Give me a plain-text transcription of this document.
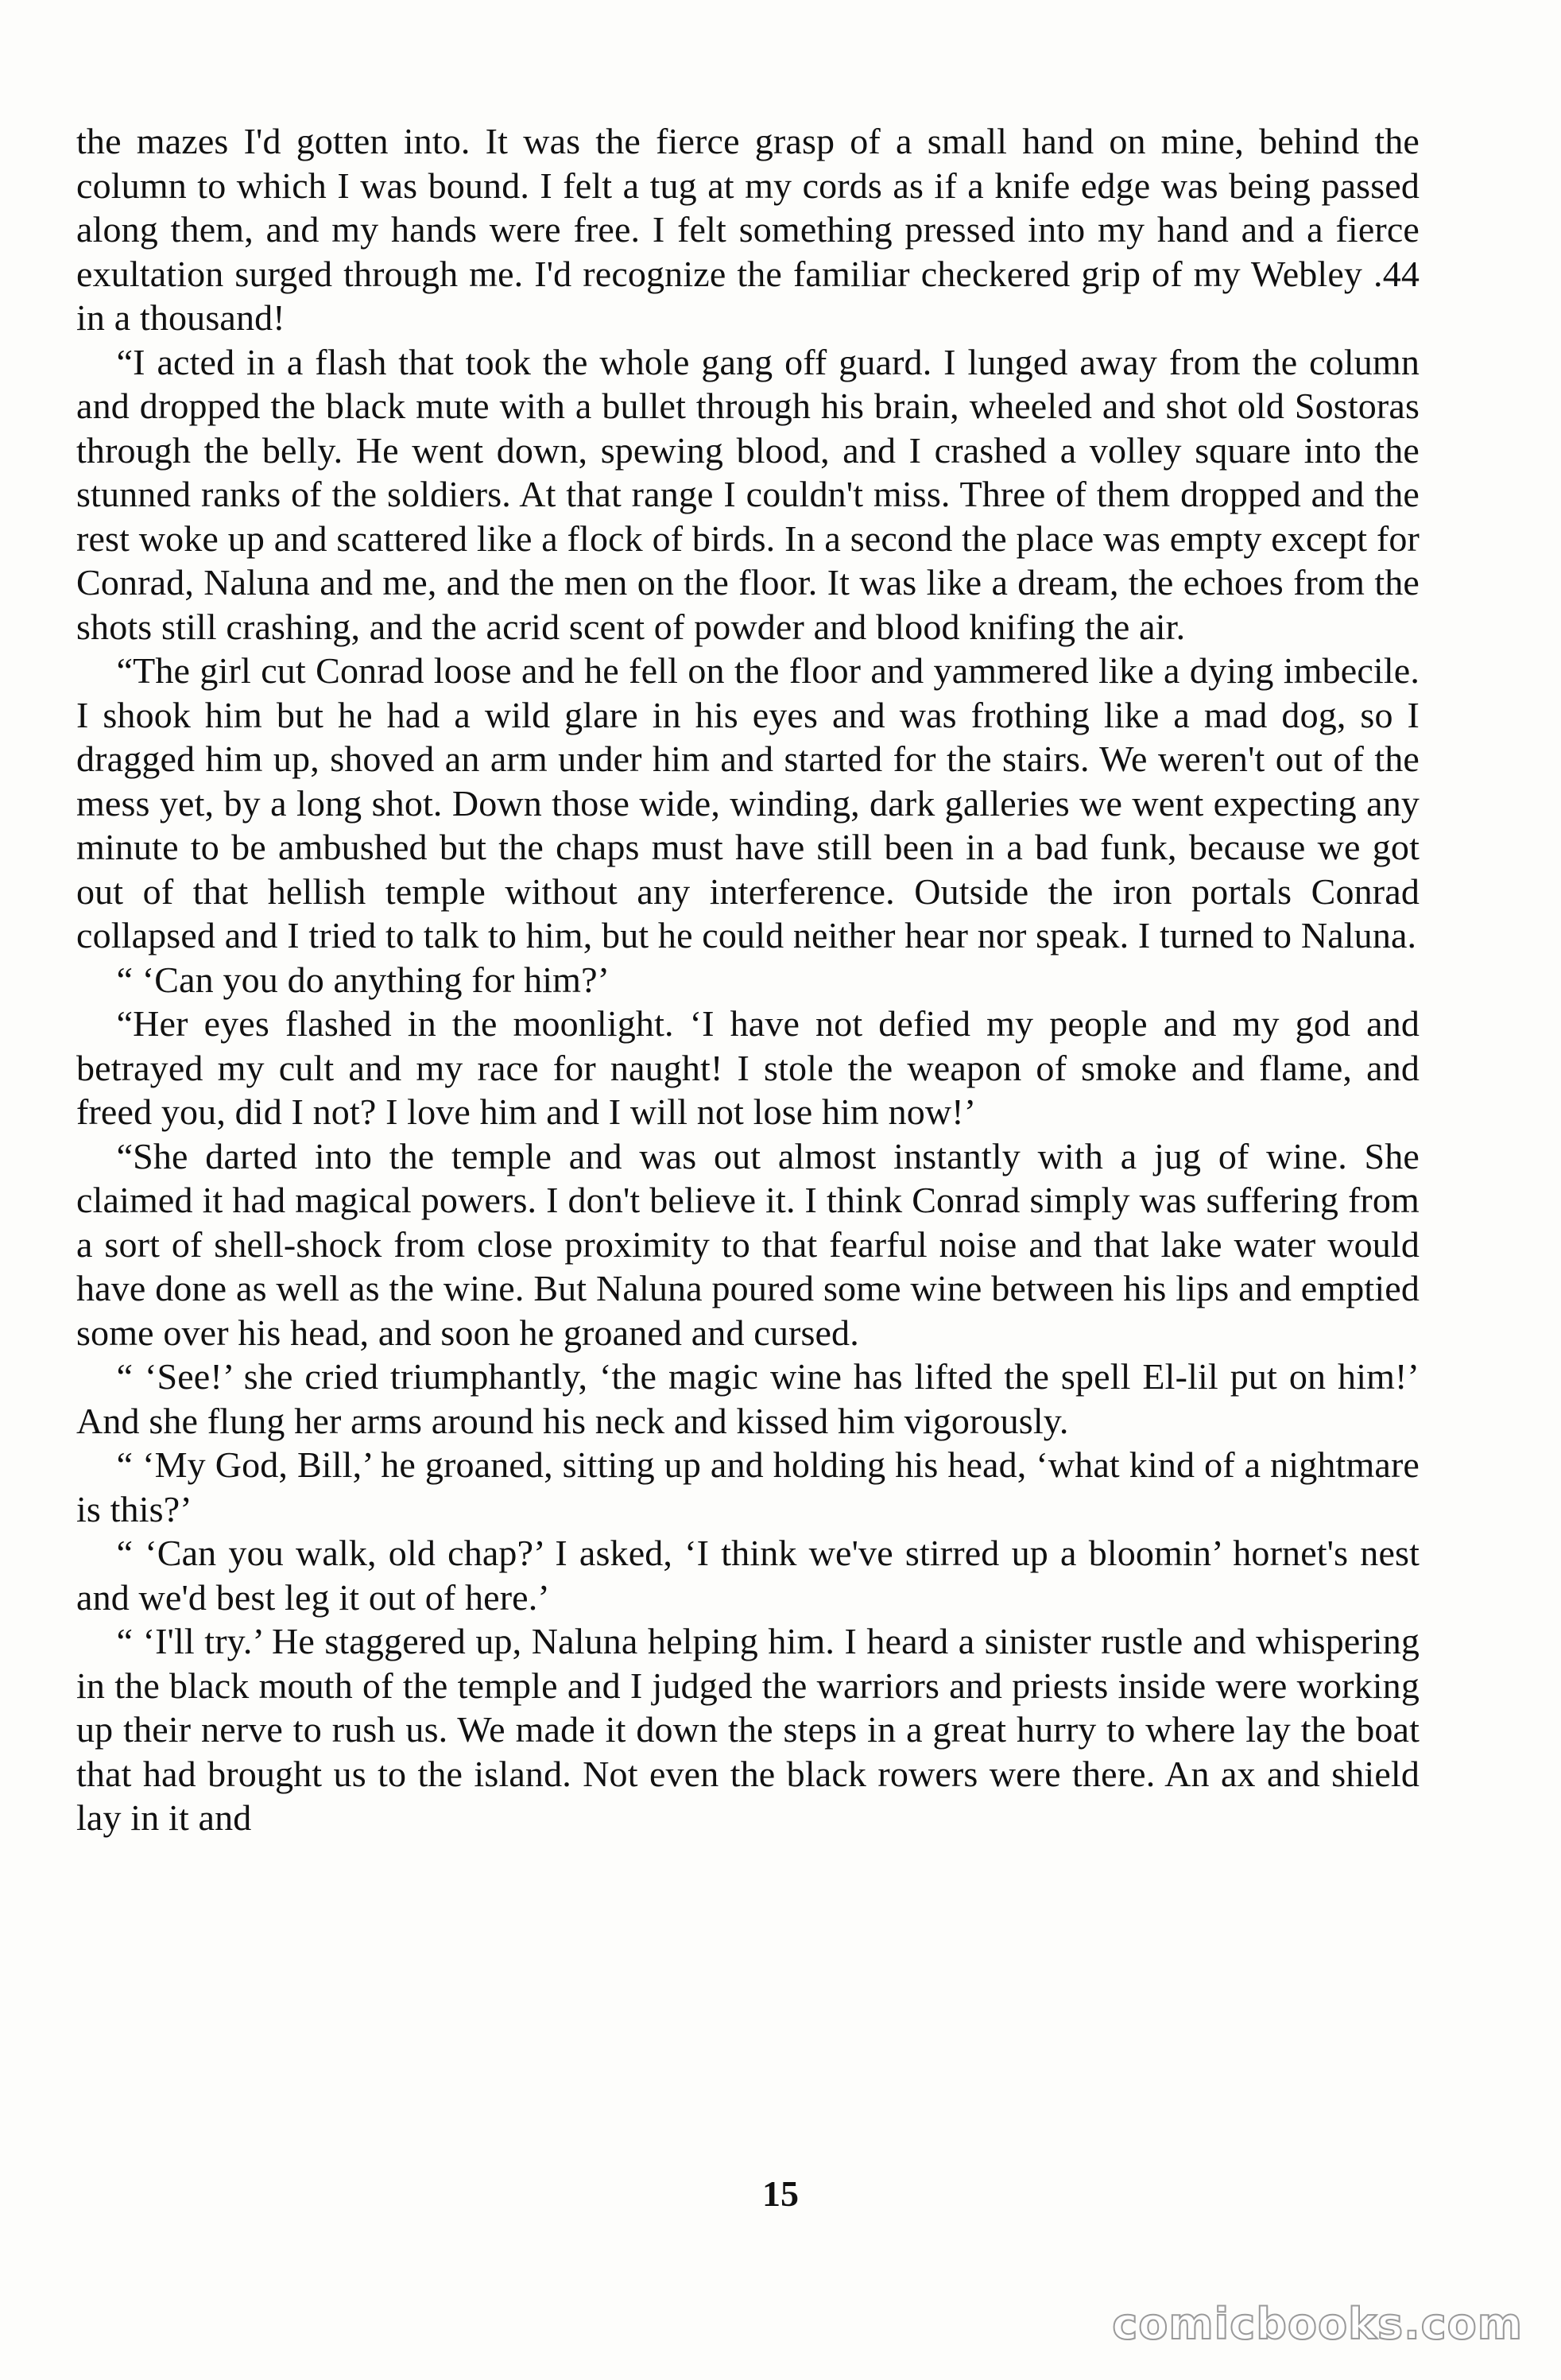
the mazes I'd gotten into. It was the fierce grasp of a small hand on mine, behind the column to which I was bound. I felt a tug at my cords as if a knife edge was being passed along them, and my hands were free. I felt something pressed into my hand and a fierce exultation surged through me. I'd recognize the familiar checkered grip of my Webley .44 in a thousand!

“I acted in a flash that took the whole gang off guard. I lunged away from the column and dropped the black mute with a bullet through his brain, wheeled and shot old Sostoras through the belly. He went down, spewing blood, and I crashed a volley square into the stunned ranks of the soldiers. At that range I couldn't miss. Three of them dropped and the rest woke up and scattered like a flock of birds. In a second the place was empty except for Conrad, Naluna and me, and the men on the floor. It was like a dream, the echoes from the shots still crashing, and the acrid scent of powder and blood knifing the air.

“The girl cut Conrad loose and he fell on the floor and yammered like a dying imbecile. I shook him but he had a wild glare in his eyes and was frothing like a mad dog, so I dragged him up, shoved an arm under him and started for the stairs. We weren't out of the mess yet, by a long shot. Down those wide, winding, dark galleries we went expecting any minute to be ambushed but the chaps must have still been in a bad funk, because we got out of that hellish temple without any interference. Outside the iron portals Conrad collapsed and I tried to talk to him, but he could neither hear nor speak. I turned to Naluna.

“ ‘Can you do anything for him?’

“Her eyes flashed in the moonlight. ‘I have not defied my people and my god and betrayed my cult and my race for naught! I stole the weapon of smoke and flame, and freed you, did I not? I love him and I will not lose him now!’

“She darted into the temple and was out almost instantly with a jug of wine. She claimed it had magical powers. I don't believe it. I think Conrad simply was suffering from a sort of shell-shock from close proximity to that fearful noise and that lake water would have done as well as the wine. But Naluna poured some wine between his lips and emptied some over his head, and soon he groaned and cursed.

“ ‘See!’ she cried triumphantly, ‘the magic wine has lifted the spell El-lil put on him!’ And she flung her arms around his neck and kissed him vigorously.

“ ‘My God, Bill,’ he groaned, sitting up and holding his head, ‘what kind of a nightmare is this?’

“ ‘Can you walk, old chap?’ I asked, ‘I think we've stirred up a bloomin’ hornet's nest and we'd best leg it out of here.’

“ ‘I'll try.’ He staggered up, Naluna helping him. I heard a sinister rustle and whispering in the black mouth of the temple and I judged the warriors and priests inside were working up their nerve to rush us. We made it down the steps in a great hurry to where lay the boat that had brought us to the island. Not even the black rowers were there. An ax and shield lay in it and

15
comicbooks.com
